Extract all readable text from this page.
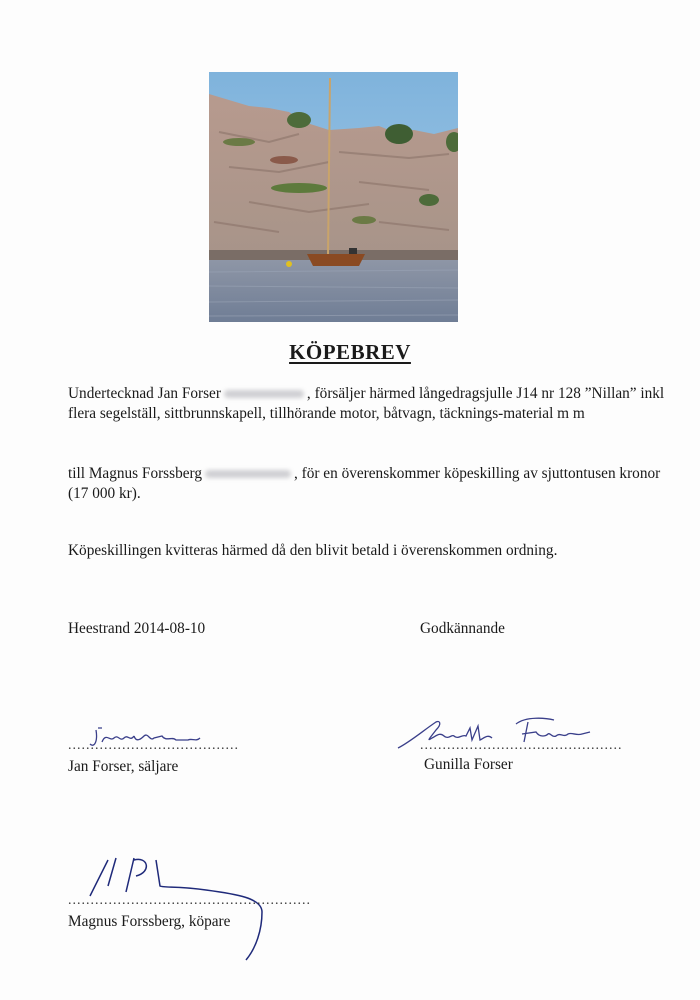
KÖPEBREV

Undertecknad Jan Forser	, försäljer härmed långedragsjulle J14 nr 128 ”Nillan” inkl flera segelställ, sittbrunnskapell, tillhörande motor, båtvagn, täcknings-material m m

till Magnus Forssberg	, för en överenskommer köpeskilling av sjuttontusen kronor (17 000 kr).

Köpeskillingen kvitteras härmed då den blivit betald i överenskommen ordning.

Heestrand 2014-08-10	Godkännande
......................................
Jan Forser, säljare
.............................................
Gunilla Forser
......................................................
Magnus Forssberg, köpare
